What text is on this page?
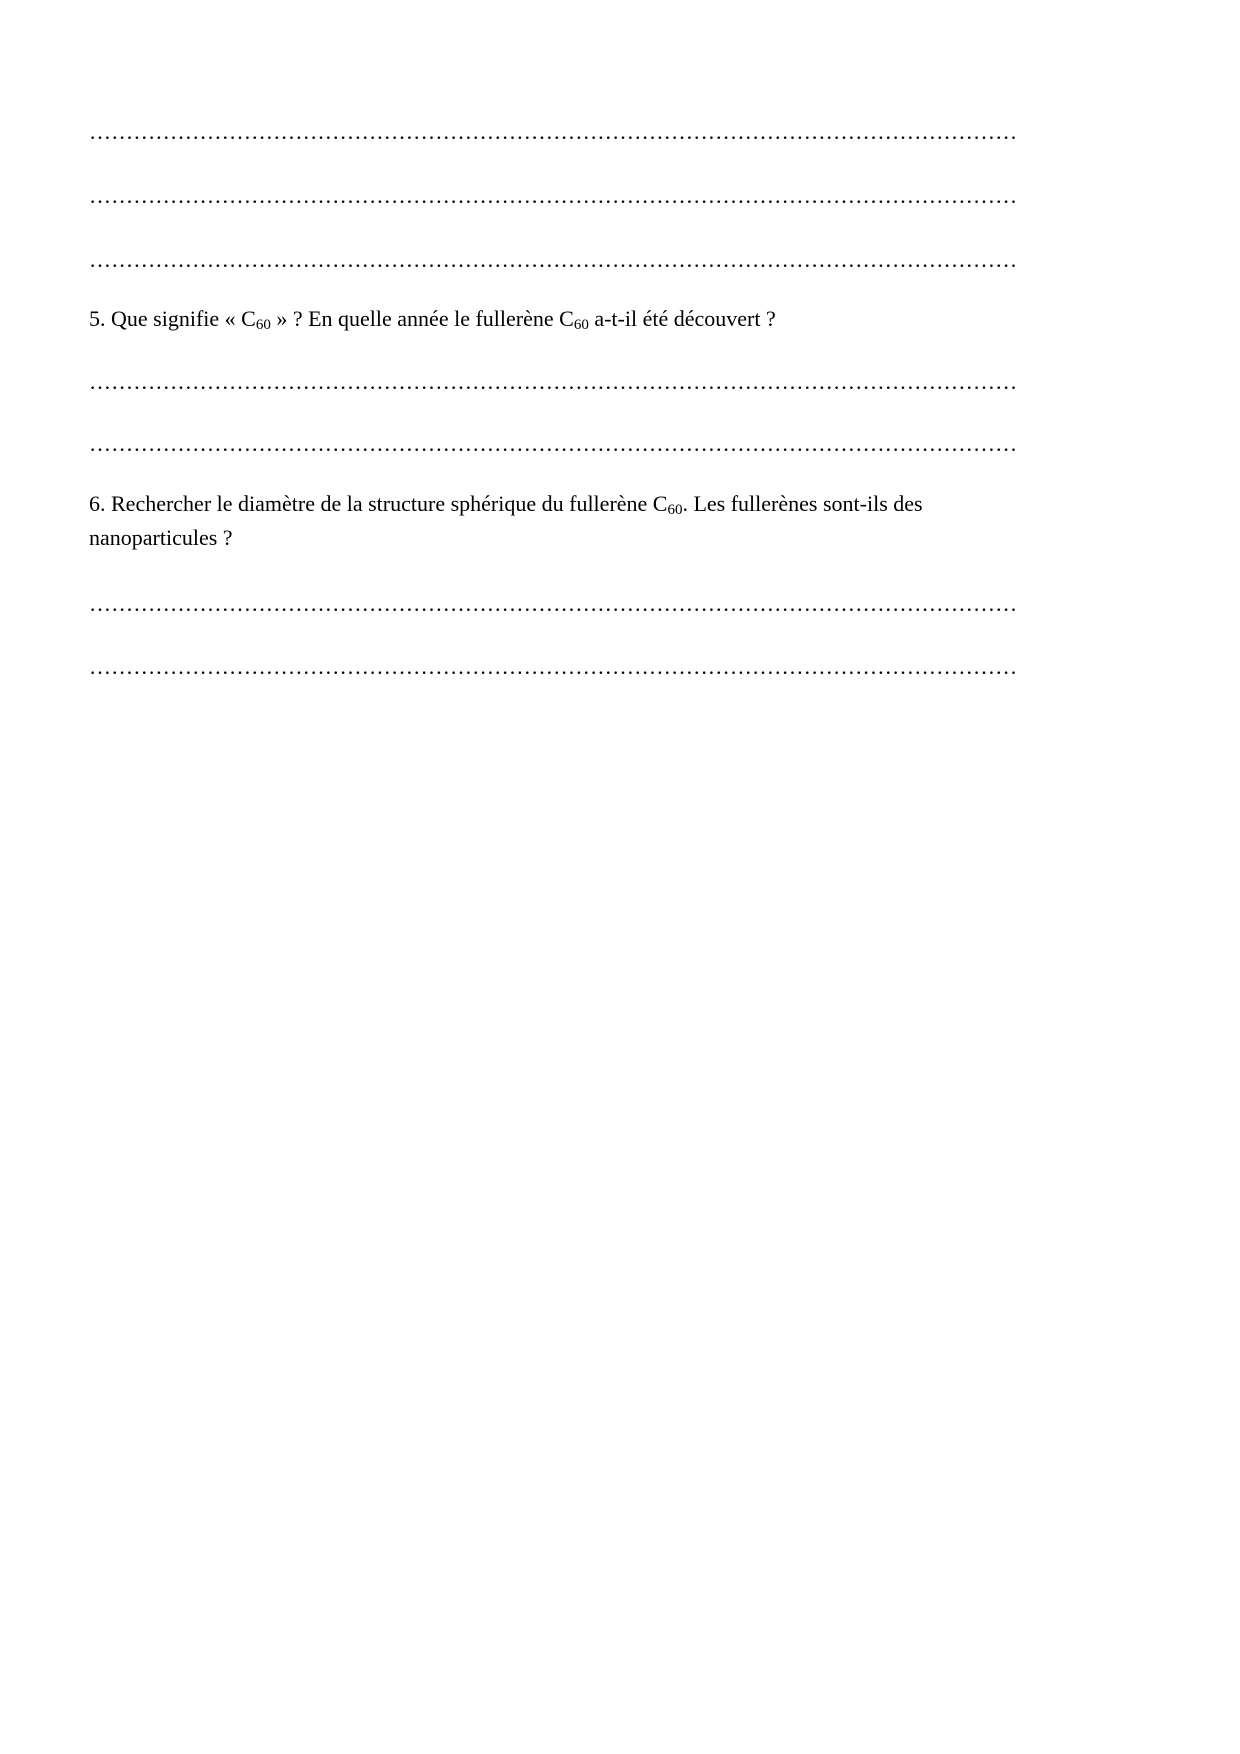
………………………………………………………………………………………………………………
………………………………………………………………………………………………………………
………………………………………………………………………………………………………………
5. Que signifie « $C_{60}$ » ? En quelle année le fullerène $C_{60}$ a-t-il été découvert ?
………………………………………………………………………………………………………………
………………………………………………………………………………………………………………
6. Rechercher le diamètre de la structure sphérique du fullerène $C_{60}$. Les fullerènes sont-ils des
nanoparticules ?
………………………………………………………………………………………………………………
………………………………………………………………………………………………………………
